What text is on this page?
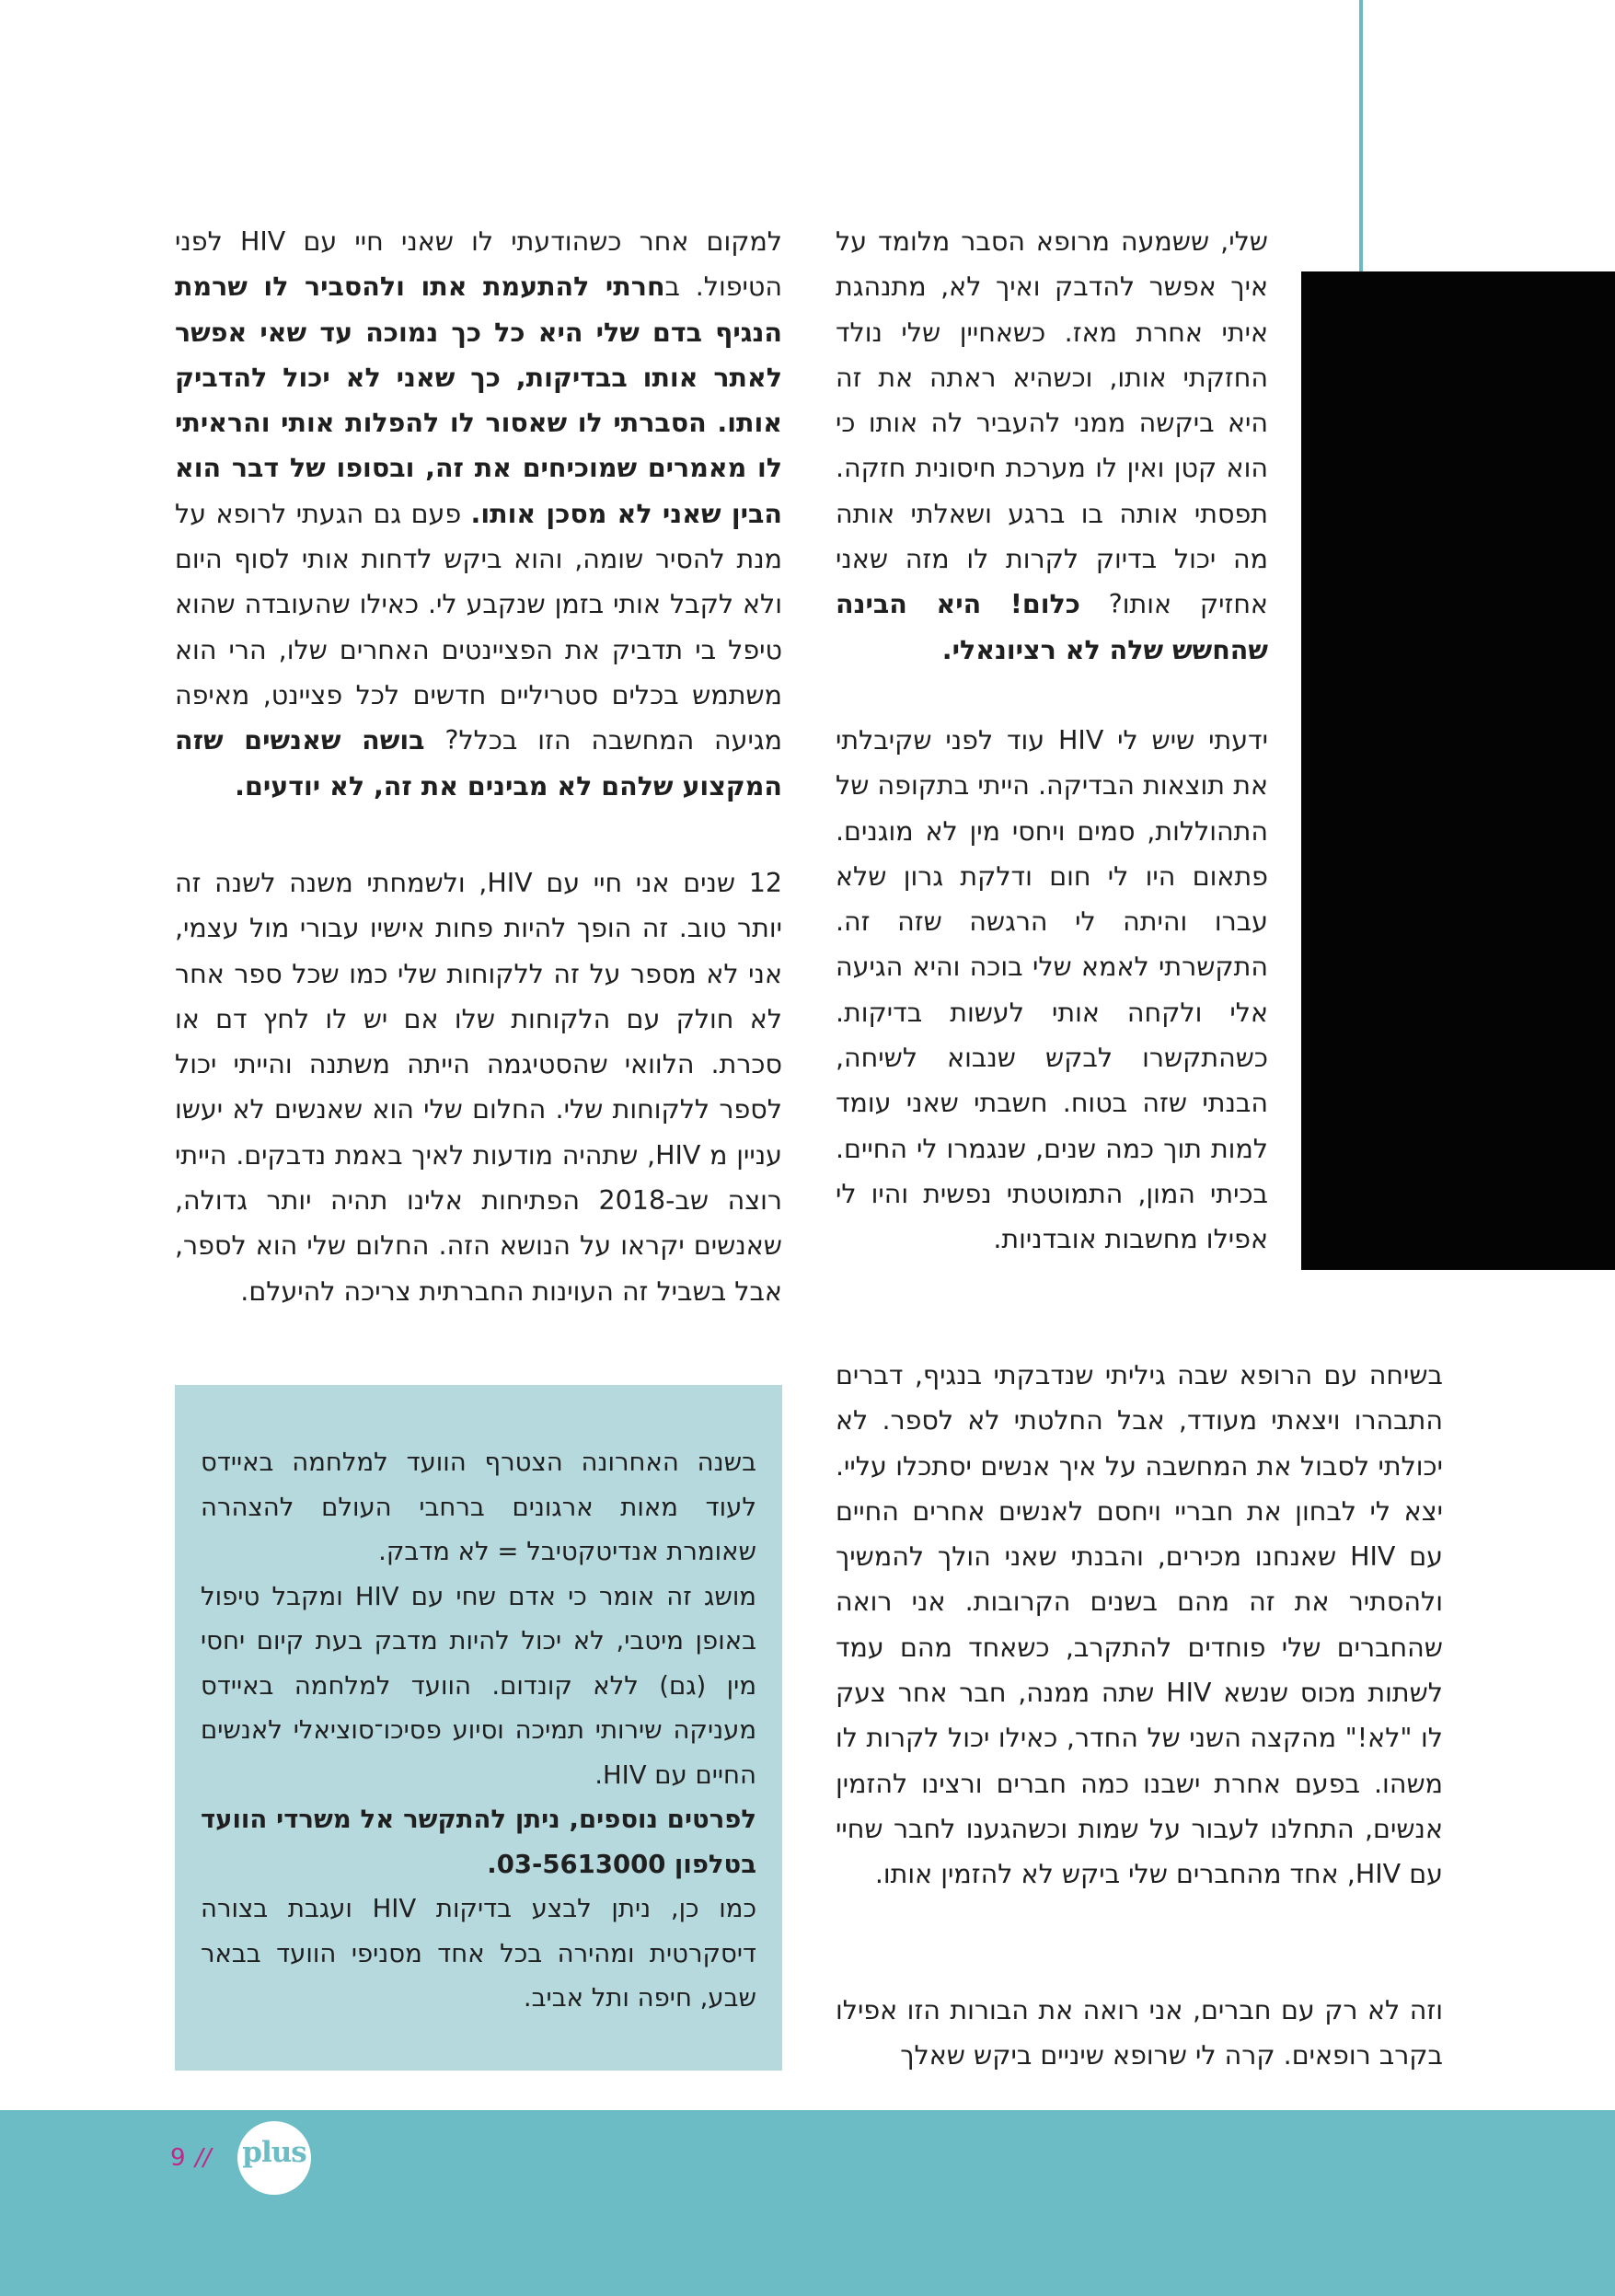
שלי, ששמעה מרופא הסבר מלומד על איך אפשר להדבק ואיך לא, מתנהגת איתי אחרת מאז. כשאחיין שלי נולד החזקתי אותו, וכשהיא ראתה את זה היא ביקשה ממני להעביר לה אותו כי הוא קטן ואין לו מערכת חיסונית חזקה. תפסתי אותה בו ברגע ושאלתי אותה מה יכול בדיוק לקרות לו מזה שאני אחזיק אותו? כלום! היא הבינה שהחשש שלה לא רציונאלי.
ידעתי שיש לי HIV עוד לפני שקיבלתי את תוצאות הבדיקה. הייתי בתקופה של התהוללות, סמים ויחסי מין לא מוגנים. פתאום היו לי חום ודלקת גרון שלא עברו והיתה לי הרגשה שזה זה. התקשרתי לאמא שלי בוכה והיא הגיעה אלי ולקחה אותי לעשות בדיקות. כשהתקשרו לבקש שנבוא לשיחה, הבנתי שזה בטוח. חשבתי שאני עומד למות תוך כמה שנים, שנגמרו לי החיים. בכיתי המון, התמוטטתי נפשית והיו לי אפילו מחשבות אובדניות.
בשיחה עם הרופא שבה גיליתי שנדבקתי בנגיף, דברים התבהרו ויצאתי מעודד, אבל החלטתי לא לספר. לא יכולתי לסבול את המחשבה על איך אנשים יסתכלו עליי. יצא לי לבחון את חבריי ויחסם לאנשים אחרים החיים עם HIV שאנחנו מכירים, והבנתי שאני הולך להמשיך ולהסתיר את זה מהם בשנים הקרובות. אני רואה שהחברים שלי פוחדים להתקרב, כשאחד מהם עמד לשתות מכוס שנשא HIV שתה ממנה, חבר אחר צעק לו "לא!" מהקצה השני של החדר, כאילו יכול לקרות לו משהו. בפעם אחרת ישבנו כמה חברים ורצינו להזמין אנשים, התחלנו לעבור על שמות וכשהגענו לחבר שחיי עם HIV, אחד מהחברים שלי ביקש לא להזמין אותו.
וזה לא רק עם חברים, אני רואה את הבורות הזו אפילו בקרב רופאים. קרה לי שרופא שיניים ביקש שאלך
למקום אחר כשהודעתי לו שאני חיי עם HIV לפני הטיפול. בחרתי להתעמת אתו ולהסביר לו שרמת הנגיף בדם שלי היא כל כך נמוכה עד שאי אפשר לאתר אותו בבדיקות, כך שאני לא יכול להדביק אותו. הסברתי לו שאסור לו להפלות אותי והראיתי לו מאמרים שמוכיחים את זה, ובסופו של דבר הוא הבין שאני לא מסכן אותו. פעם גם הגעתי לרופא על מנת להסיר שומה, והוא ביקש לדחות אותי לסוף היום ולא לקבל אותי בזמן שנקבע לי. כאילו שהעובדה שהוא טיפל בי תדביק את הפציינטים האחרים שלו, הרי הוא משתמש בכלים סטריליים חדשים לכל פציינט, מאיפה מגיעה המחשבה הזו בכלל? בושה שאנשים שזה המקצוע שלהם לא מבינים את זה, לא יודעים.
12 שנים אני חיי עם HIV, ולשמחתי משנה לשנה זה יותר טוב. זה הופך להיות פחות אישיו עבורי מול עצמי, אני לא מספר על זה ללקוחות שלי כמו שכל ספר אחר לא חולק עם הלקוחות שלו אם יש לו לחץ דם או סכרת. הלוואי שהסטיגמה הייתה משתנה והייתי יכול לספר ללקוחות שלי. החלום שלי הוא שאנשים לא יעשו עניין מ HIV, שתהיה מודעות לאיך באמת נדבקים. הייתי רוצה שב-2018 הפתיחות אלינו תהיה יותר גדולה, שאנשים יקראו על הנושא הזה. החלום שלי הוא לספר, אבל בשביל זה העוינות החברתית צריכה להיעלם.

בשנה האחרונה הצטרף הוועד למלחמה באיידס לעוד מאות ארגונים ברחבי העולם להצהרה שאומרת אנדיטקטיבל = לא מדבק.

מושג זה אומר כי אדם שחי עם HIV ומקבל טיפול באופן מיטבי, לא יכול להיות מדבק בעת קיום יחסי מין (גם) ללא קונדום. הוועד למלחמה באיידס מעניקה שירותי תמיכה וסיוע פסיכו־סוציאלי לאנשים החיים עם HIV.

לפרטים נוספים, ניתן להתקשר אל משרדי הוועד בטלפון 03-5613000.

כמו כן, ניתן לבצע בדיקות HIV ועגבת בצורה דיסקרטית ומהירה בכל אחד מסניפי הוועד בבאר שבע, חיפה ותל אביב.

9 // plus
